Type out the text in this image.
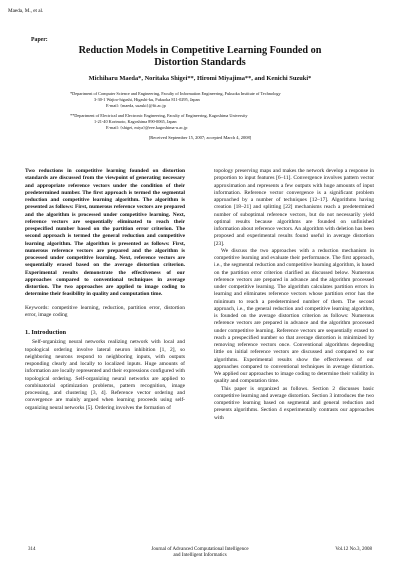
Maeda, M., et al.
Paper:
Reduction Models in Competitive Learning Founded on
Distortion Standards
Michiharu Maeda*, Noritaka Shigei**, Hiromi Miyajima**, and Kenichi Suzuki*

*Department of Computer Science and Engineering, Faculty of Information Engineering, Fukuoka Institute of Technology

3-30-1 Wajiro-higashi, Higashi-ku, Fukuoka 811-0295, Japan

E-mail: {maeda, suzuki}@fit.ac.jp

**Department of Electrical and Electronic Engineering, Faculty of Engineering, Kagoshima University

1-21-40 Korimoto, Kagoshima 890-0065, Japan

E-mail: {shigei, miya}@eee.kagoshima-u.ac.jp

[Received September 15, 2007; accepted March 4, 2008]

Two reductions in competitive learning founded on distortion standards are discussed from the viewpoint of generating necessary and appropriate reference vectors under the condition of their predetermined number. The first approach is termed the segmental reduction and competitive learning algorithm. The algorithm is presented as follows: First, numerous reference vectors are prepared and the algorithm is processed under competitive learning. Next, reference vectors are sequentially eliminated to reach their prespecified number based on the partition error criterion. The second approach is termed the general reduction and competitive learning algorithm. The algorithm is presented as follows: First, numerous reference vectors are prepared and the algorithm is processed under competitive learning. Next, reference vectors are sequentially erased based on the average distortion criterion. Experimental results demonstrate the effectiveness of our approaches compared to conventional techniques in average distortion. The two approaches are applied to image coding to determine their feasibility in quality and computation time.

Keywords: competitive learning, reduction, partition error, distortion error, image coding

1. Introduction

Self-organizing neural networks realizing network with local and topological ordering involve lateral neuron inhibition [1, 2], so neighboring neurons respond to neighboring inputs, with outputs responding clearly and locally to localized inputs. Huge amounts of information are locally represented and their expressions configured with topological ordering. Self-organizing neural networks are applied to combinatorial optimization problems, pattern recognition, image processing, and clustering [3, 4]. Reference vector ordering and convergence are mainly argued when learning proceeds using self-organizing neural networks [5]. Ordering involves the formation of

topology preserving maps and makes the network develop a response in proportion to input features [6–11]. Convergence involves pattern vector approximation and represents a few outputs with huge amounts of input information. Reference vector convergence is a significant problem approached by a number of techniques [12–17]. Algorithms having creation [18–21] and splitting [22] mechanisms reach a predetermined number of suboptimal reference vectors, but do not necessarily yield optimal results because algorithms are founded on unfinished information about reference vectors. An algorithm with deletion has been proposed and experimental results found useful in average distortion [23].

We discuss the two approaches with a reduction mechanism in competitive learning and evaluate their performance. The first approach, i.e., the segmental reduction and competitive learning algorithm, is based on the partition error criterion clarified as discussed below. Numerous reference vectors are prepared in advance and the algorithm processed under competitive learning. The algorithm calculates partition errors in learning and eliminates reference vectors whose partition error has the minimum to reach a predetermined number of them. The second approach, i.e., the general reduction and competitive learning algorithm, is founded on the average distortion criterion as follows: Numerous reference vectors are prepared in advance and the algorithm processed under competitive learning. Reference vectors are sequentially erased to reach a prespecified number so that average distortion is minimized by removing reference vectors once. Conventional algorithms depending little on initial reference vectors are discussed and compared to our algorithms. Experimental results show the effectiveness of our approaches compared to conventional techniques in average distortion. We applied our approaches to image coding to determine their validity in quality and computation time.

This paper is organized as follows. Section 2 discusses basic competitive learning and average distortion. Section 3 introduces the two competitive learning based on segmental and general reduction and presents algorithms. Section 4 experimentally contrasts our approaches with

314	Journal of Advanced Computational Intelligence
and Intelligent Informatics
Vol.12 No.3, 2008
